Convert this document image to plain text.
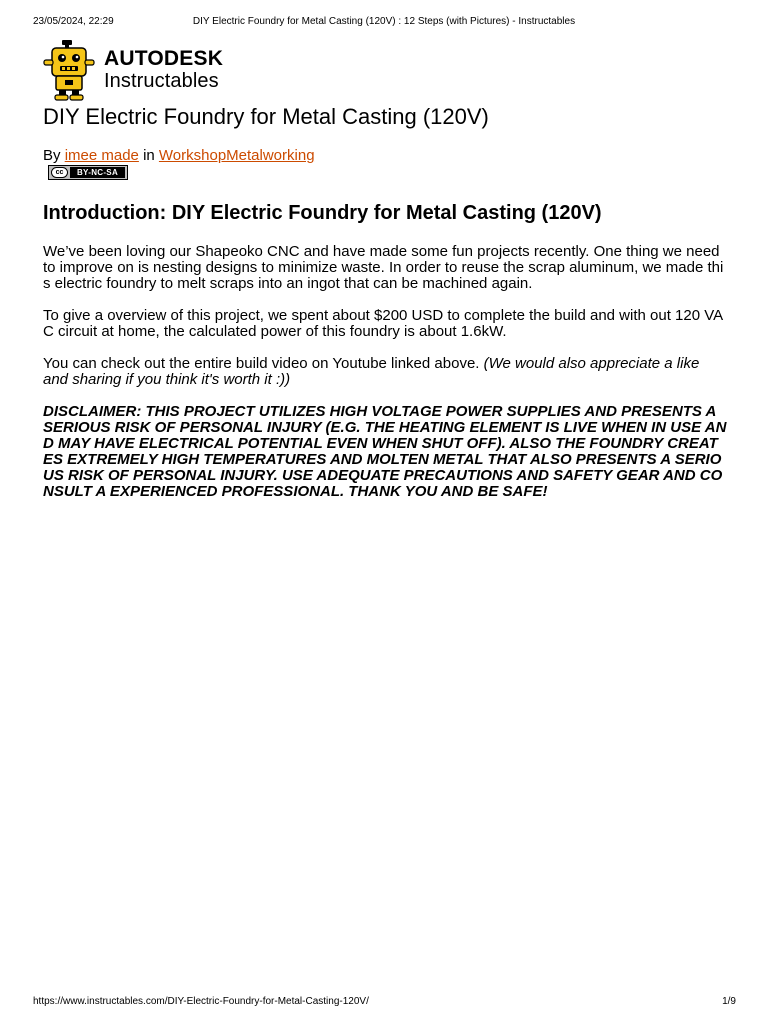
23/05/2024, 22:29	DIY Electric Foundry for Metal Casting (120V) : 12 Steps (with Pictures) - Instructables
AUTODESK
Instructables
DIY Electric Foundry for Metal Casting (120V)
By imee made in WorkshopMetalworking
cc	BY-NC-SA
Introduction: DIY Electric Foundry for Metal Casting (120V)

We’ve been loving our Shapeoko CNC and have made some fun projects recently. One thing we need to improve on is nesting designs to minimize waste. In order to reuse the scrap aluminum, we made this electric foundry to melt scraps into an ingot that can be machined again.

To give a overview of this project, we spent about $200 USD to complete the build and with out 120 VAC circuit at home, the calculated power of this foundry is about 1.6kW.

You can check out the entire build video on Youtube linked above. (We would also appreciate a like and sharing if you think it's worth it :))

DISCLAIMER: THIS PROJECT UTILIZES HIGH VOLTAGE POWER SUPPLIES AND PRESENTS A SERIOUS RISK OF PERSONAL INJURY (E.G. THE HEATING ELEMENT IS LIVE WHEN IN USE AND MAY HAVE ELECTRICAL POTENTIAL EVEN WHEN SHUT OFF). ALSO THE FOUNDRY CREATES EXTREMELY HIGH TEMPERATURES AND MOLTEN METAL THAT ALSO PRESENTS A SERIOUS RISK OF PERSONAL INJURY. USE ADEQUATE PRECAUTIONS AND SAFETY GEAR AND CONSULT A EXPERIENCED PROFESSIONAL. THANK YOU AND BE SAFE!

https://www.instructables.com/DIY-Electric-Foundry-for-Metal-Casting-120V/	1/9
